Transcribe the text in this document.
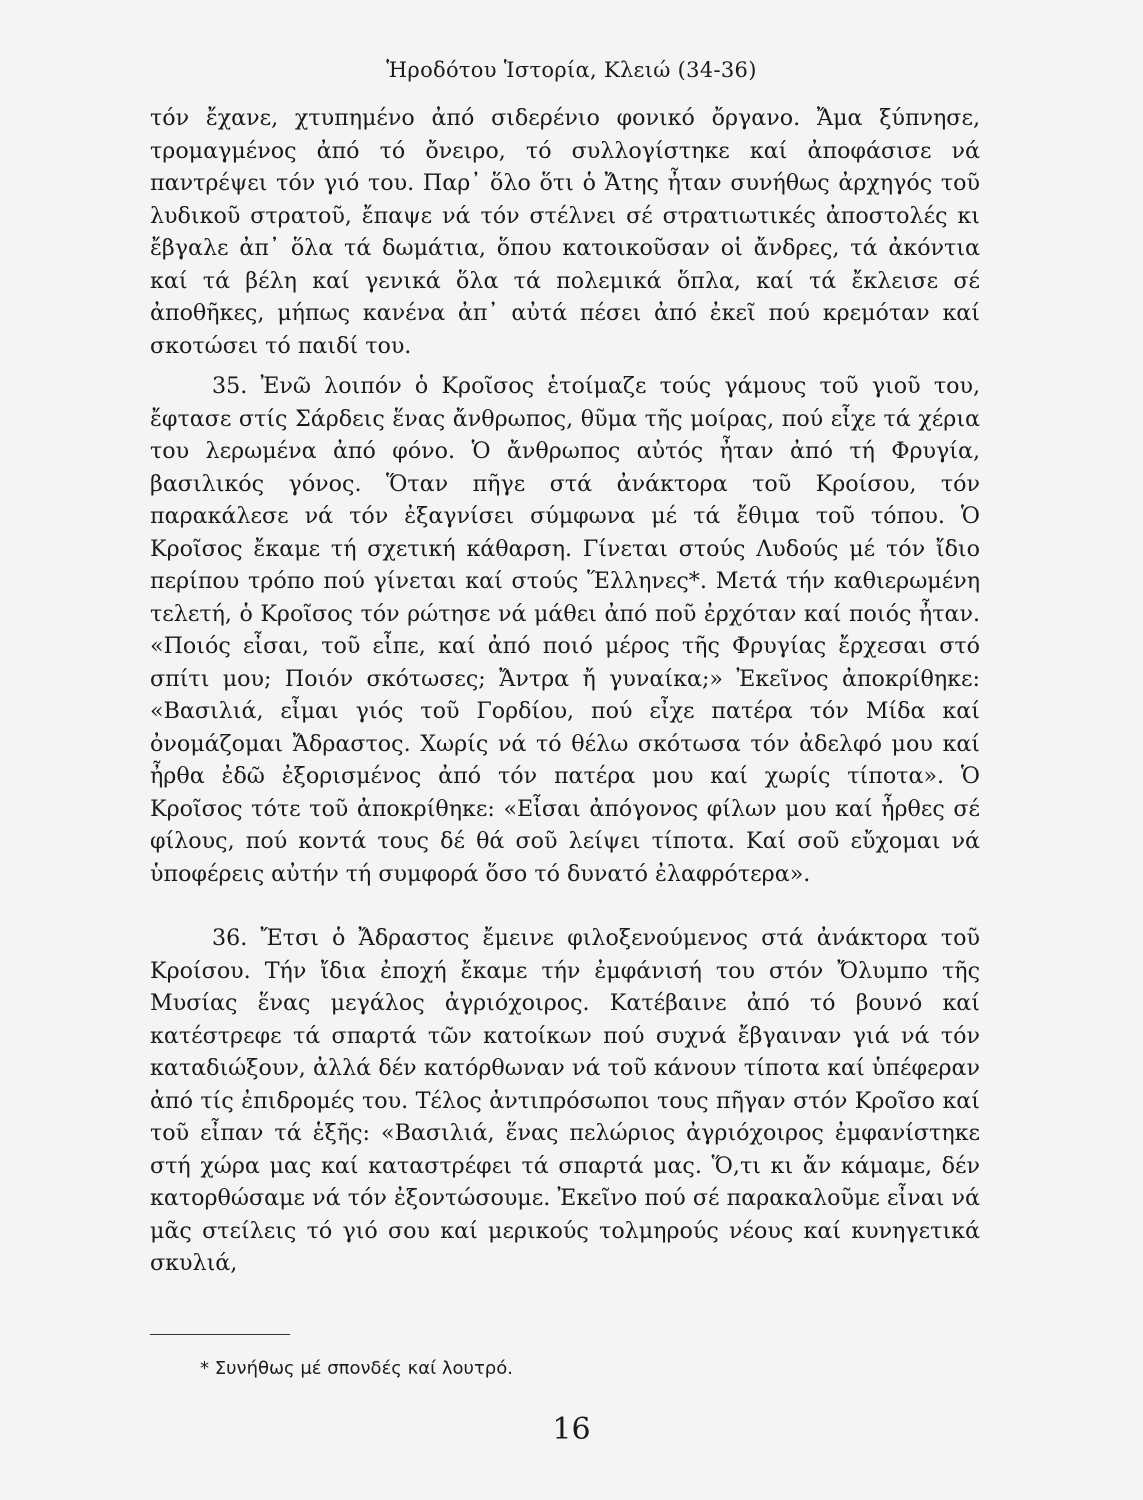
Ἡροδότου Ἱστορία, Κλειώ (34-36)

τόν ἔχανε, χτυπημένο ἀπό σιδερένιο φονικό ὄργανο. Ἄμα ξύπνησε, τρομαγμένος ἀπό τό ὄνειρο, τό συλλογίστηκε καί ἀποφάσισε νά παντρέψει τόν γιό του. Παρ᾿ ὅλο ὅτι ὁ Ἄτης ἦταν συνήθως ἀρχηγός τοῦ λυδικοῦ στρατοῦ, ἔπαψε νά τόν στέλνει σέ στρατιωτικές ἀποστολές κι ἔβγαλε ἀπ᾿ ὅλα τά δωμάτια, ὅπου κατοικοῦσαν οἱ ἄνδρες, τά ἀκόντια καί τά βέλη καί γενικά ὅλα τά πολεμικά ὅπλα, καί τά ἔκλεισε σέ ἀποθῆκες, μήπως κανένα ἀπ᾿ αὐτά πέσει ἀπό ἐκεῖ πού κρεμόταν καί σκοτώσει τό παιδί του.

35. Ἐνῶ λοιπόν ὁ Κροῖσος ἑτοίμαζε τούς γάμους τοῦ γιοῦ του, ἔφτασε στίς Σάρδεις ἕνας ἄνθρωπος, θῦμα τῆς μοίρας, πού εἶχε τά χέρια του λερωμένα ἀπό φόνο. Ὁ ἄνθρωπος αὐτός ἦταν ἀπό τή Φρυγία, βασιλικός γόνος. Ὅταν πῆγε στά ἀνάκτορα τοῦ Κροίσου, τόν παρακάλεσε νά τόν ἐξαγνίσει σύμφωνα μέ τά ἔθιμα τοῦ τόπου. Ὁ Κροῖσος ἔκαμε τή σχετική κάθαρση. Γίνεται στούς Λυδούς μέ τόν ἴδιο περίπου τρόπο πού γίνεται καί στούς Ἕλληνες*. Μετά τήν καθιερωμένη τελετή, ὁ Κροῖσος τόν ρώτησε νά μάθει ἀπό ποῦ ἐρχόταν καί ποιός ἦταν. «Ποιός εἶσαι, τοῦ εἶπε, καί ἀπό ποιό μέρος τῆς Φρυγίας ἔρχεσαι στό σπίτι μου; Ποιόν σκότωσες; Ἄντρα ἤ γυναίκα;» Ἐκεῖνος ἀποκρίθηκε: «Βασιλιά, εἶμαι γιός τοῦ Γορδίου, πού εἶχε πατέρα τόν Μίδα καί ὀνομάζομαι Ἄδραστος. Χωρίς νά τό θέλω σκότωσα τόν ἀδελφό μου καί ἦρθα ἐδῶ ἐξορισμένος ἀπό τόν πατέρα μου καί χωρίς τίποτα». Ὁ Κροῖσος τότε τοῦ ἀποκρίθηκε: «Εἶσαι ἀπόγονος φίλων μου καί ἦρθες σέ φίλους, πού κοντά τους δέ θά σοῦ λείψει τίποτα. Καί σοῦ εὔχομαι νά ὑποφέρεις αὐτήν τή συμφορά ὅσο τό δυνατό ἐλαφρότερα».

36. Ἔτσι ὁ Ἄδραστος ἔμεινε φιλοξενούμενος στά ἀνάκτορα τοῦ Κροίσου. Τήν ἴδια ἐποχή ἔκαμε τήν ἐμφάνισή του στόν Ὄλυμπο τῆς Μυσίας ἕνας μεγάλος ἀγριόχοιρος. Κατέβαινε ἀπό τό βουνό καί κατέστρεφε τά σπαρτά τῶν κατοίκων πού συχνά ἔβγαιναν γιά νά τόν καταδιώξουν, ἀλλά δέν κατόρθωναν νά τοῦ κάνουν τίποτα καί ὑπέφεραν ἀπό τίς ἐπιδρομές του. Τέλος ἀντιπρόσωποι τους πῆγαν στόν Κροῖσο καί τοῦ εἶπαν τά ἑξῆς: «Βασιλιά, ἕνας πελώριος ἀγριόχοιρος ἐμφανίστηκε στή χώρα μας καί καταστρέφει τά σπαρτά μας. Ὅ,τι κι ἄν κάμαμε, δέν κατορθώσαμε νά τόν ἐξοντώσουμε. Ἐκεῖνο πού σέ παρακαλοῦμε εἶναι νά μᾶς στείλεις τό γιό σου καί μερικούς τολμηρούς νέους καί κυνηγετικά σκυλιά,

* Συνήθως μέ σπονδές καί λουτρό.
16
